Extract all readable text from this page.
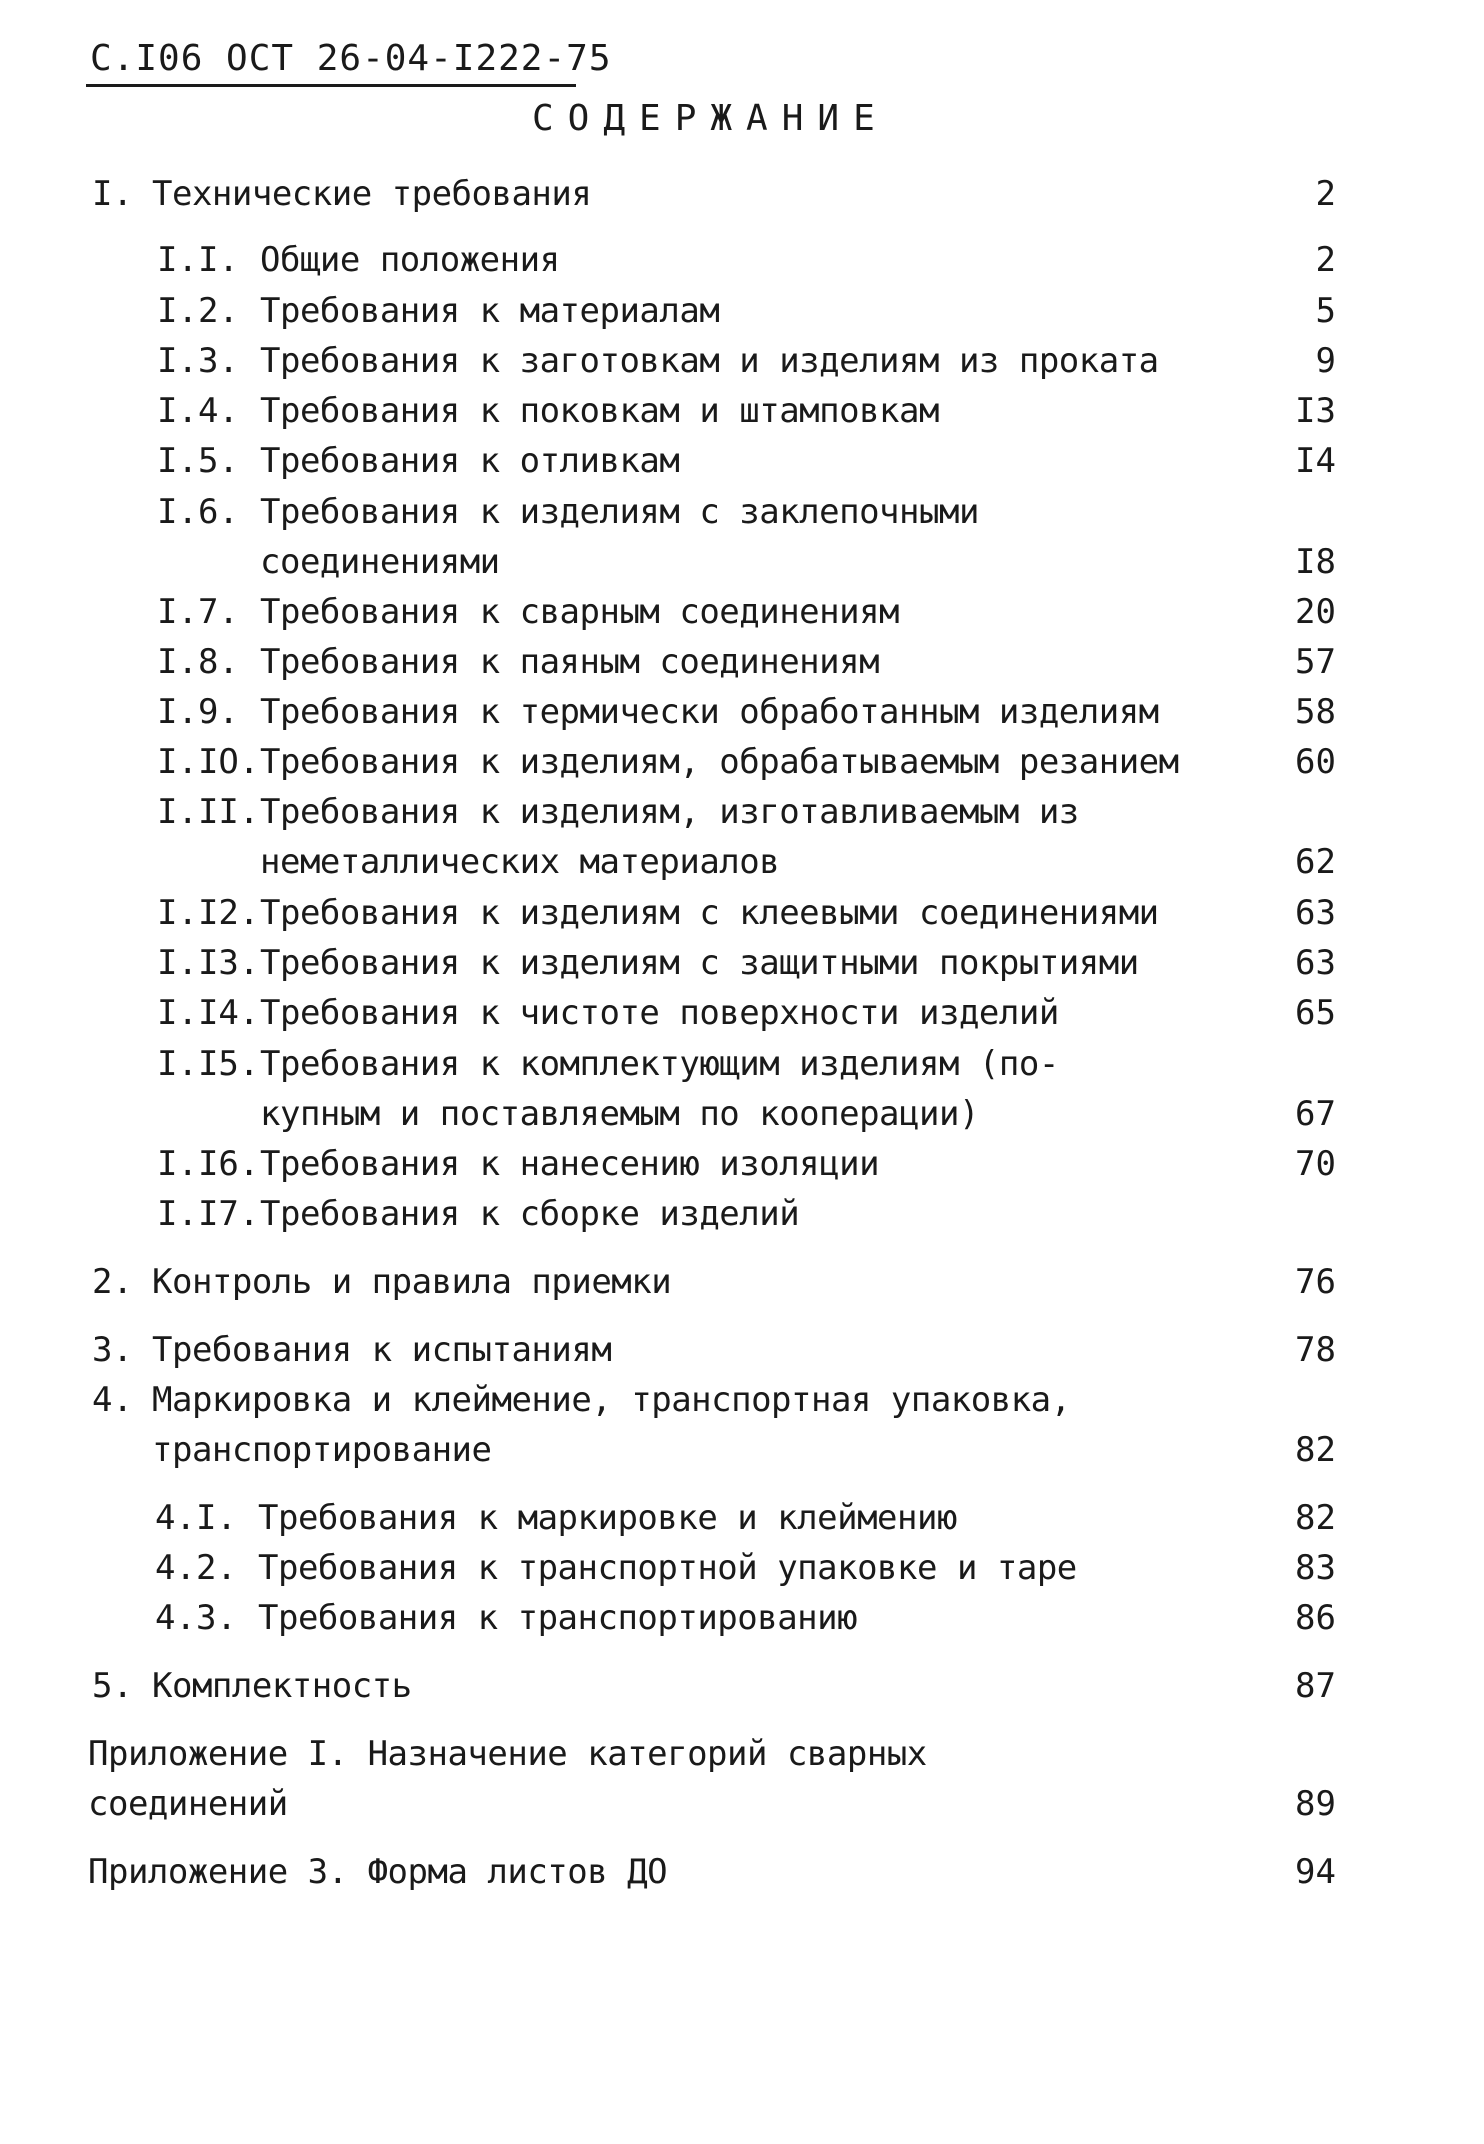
С.I06 ОСТ 26-04-I222-75
СОДЕРЖАНИЕ
I. Технические требования	2
I.I. Общие положения	2
I.2. Требования к материалам	5
I.3. Требования к заготовкам и изделиям из проката	9
I.4. Требования к поковкам и штамповкам	I3
I.5. Требования к отливкам	I4
I.6. Требования к изделиям с заклепочными
соединениями	I8
I.7. Требования к сварным соединениям	20
I.8. Требования к паяным соединениям	57
I.9. Требования к термически обработанным изделиям	58
I.IO. Требования к изделиям, обрабатываемым резанием	60
I.II. Требования к изделиям, изготавливаемым из
неметаллических материалов	62
I.I2. Требования к изделиям с клеевыми соединениями	63
I.I3. Требования к изделиям с защитными покрытиями	63
I.I4. Требования к чистоте поверхности изделий	65
I.I5. Требования к комплектующим изделиям (по-
купным и поставляемым по кооперации)	67
I.I6. Требования к нанесению изоляции	70
I.I7. Требования к сборке изделий
2. Контроль и правила приемки	76
3. Требования к испытаниям	78
4. Маркировка и клеймение, транспортная упаковка,
транспортирование	82
4.I. Требования к маркировке и клеймению	82
4.2. Требования к транспортной упаковке и таре	83
4.3. Требования к транспортированию	86
5. Комплектность	87
Приложение I. Назначение категорий сварных
соединений	89
Приложение 3. Форма листов ДО	94
